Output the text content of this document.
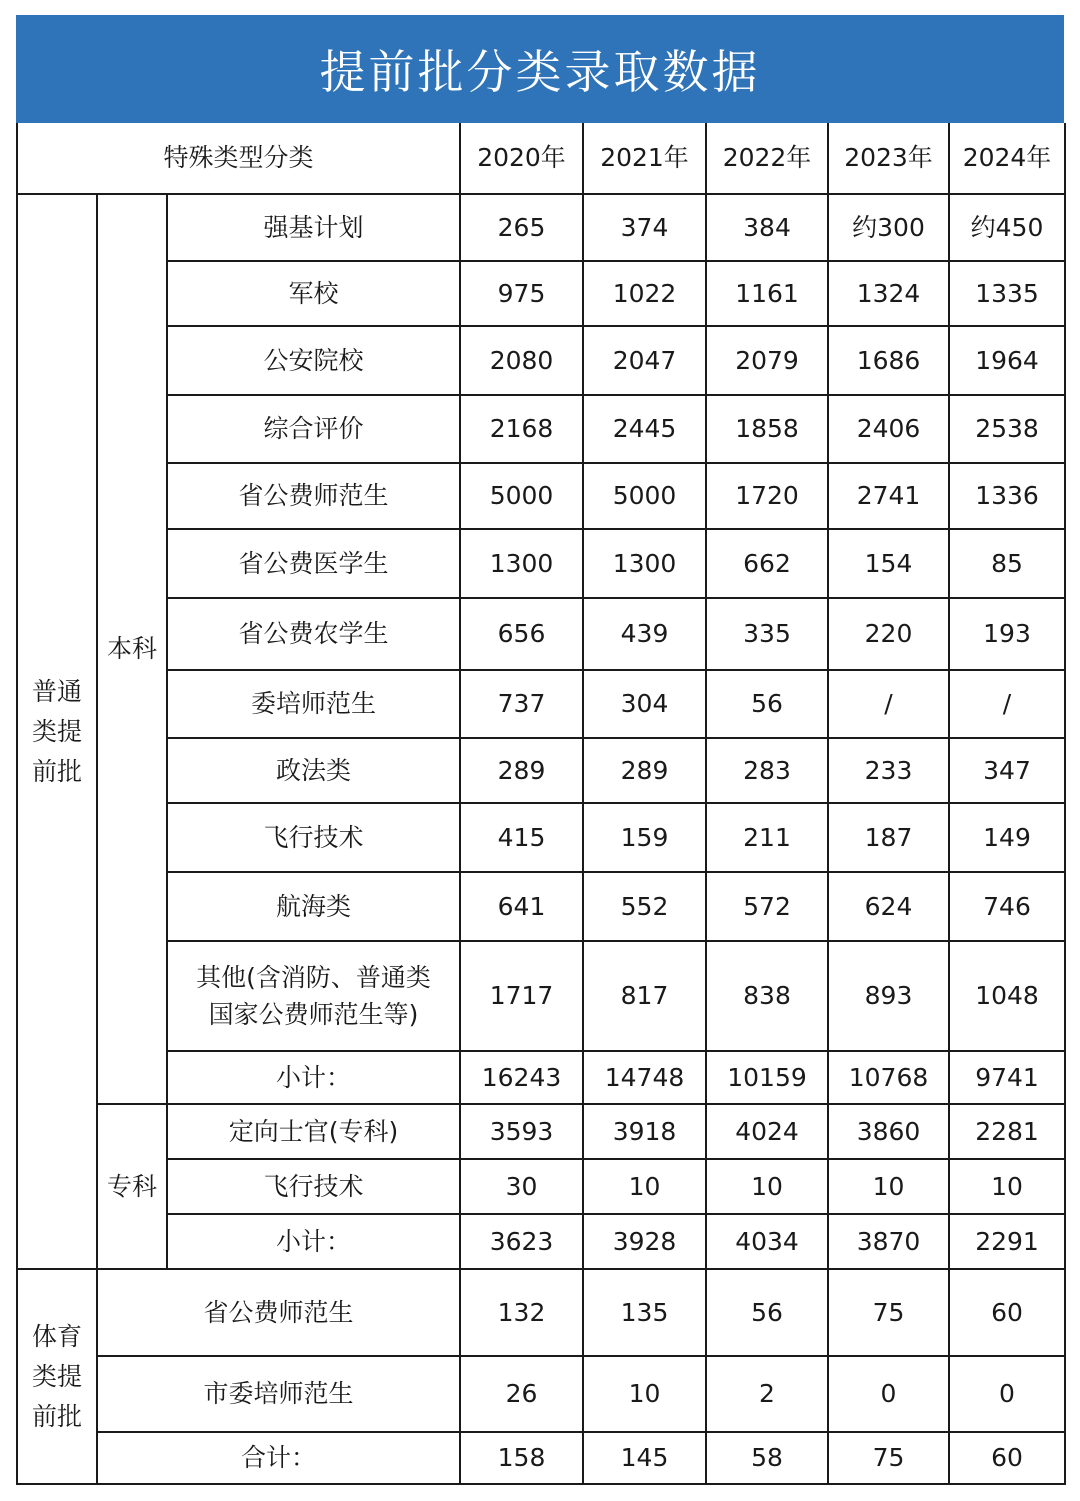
提前批分类录取数据
特殊类型分类			2020年	2021年	2022年	2023年	2024年
普通类提前批	本科	强基计划	265	374	384	约300	约450
		军校	975	1022	1161	1324	1335
		公安院校	2080	2047	2079	1686	1964
		综合评价	2168	2445	1858	2406	2538
		省公费师范生	5000	5000	1720	2741	1336
		省公费医学生	1300	1300	662	154	85
		省公费农学生	656	439	335	220	193
		委培师范生	737	304	56	/	/
		政法类	289	289	283	233	347
		飞行技术	415	159	211	187	149
		航海类	641	552	572	624	746
		其他(含消防、普通类国家公费师范生等)	1717	817	838	893	1048
		小计：	16243	14748	10159	10768	9741
	专科	定向士官(专科)	3593	3918	4024	3860	2281
		飞行技术	30	10	10	10	10
		小计：	3623	3928	4034	3870	2291
体育类提前批	省公费师范生		132	135	56	75	60
	市委培师范生		26	10	2	0	0
	合计：		158	145	58	75	60
